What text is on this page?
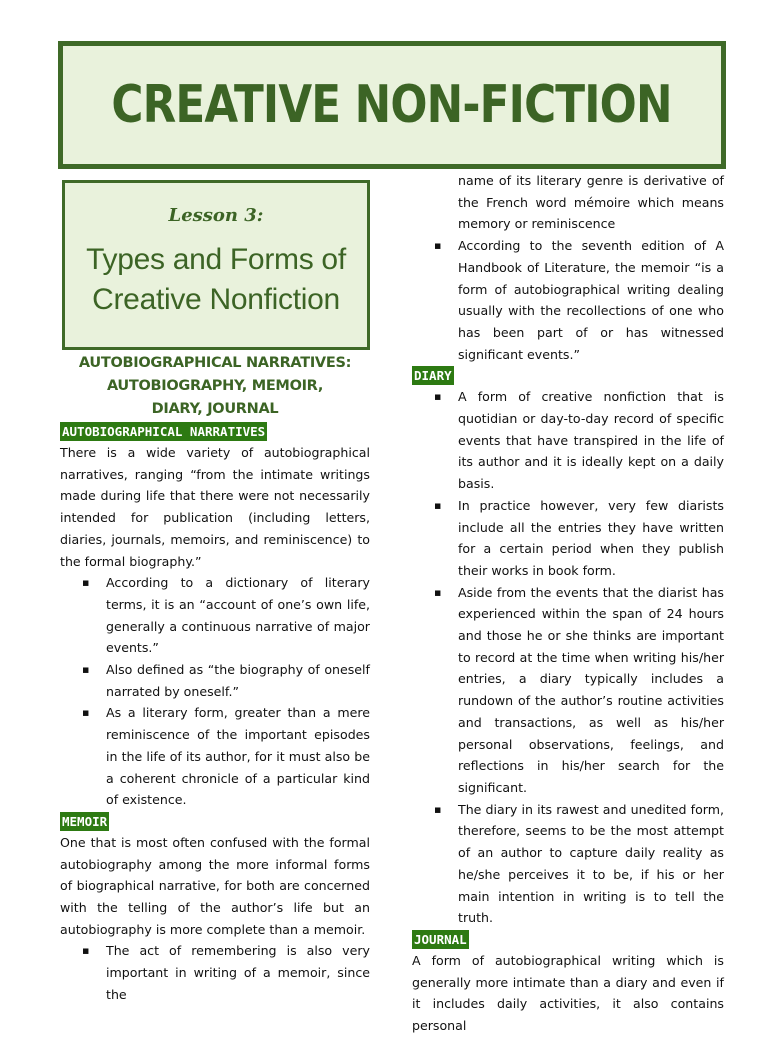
CREATIVE NON-FICTION
Lesson 3:
Types and Forms of
Creative Nonfiction
AUTOBIOGRAPHICAL NARRATIVES:
AUTOBIOGRAPHY, MEMOIR,
DIARY, JOURNAL
AUTOBIOGRAPHICAL NARRATIVES

There is a wide variety of autobiographical narratives, ranging “from the intimate writings made during life that there were not necessarily intended for publication (including letters, diaries, journals, memoirs, and reminiscence) to the formal biography.”

▪ According to a dictionary of literary terms, it is an “account of one’s own life, generally a continuous narrative of major events.”
▪ Also defined as “the biography of oneself narrated by oneself.”
▪ As a literary form, greater than a mere reminiscence of the important episodes in the life of its author, for it must also be a coherent chronicle of a particular kind of existence.
MEMOIR

One that is most often confused with the formal autobiography among the more informal forms of biographical narrative, for both are concerned with the telling of the author’s life but an autobiography is more complete than a memoir.

▪ The act of remembering is also very important in writing of a memoir, since the
name of its literary genre is derivative of the French word mémoire which means memory or reminiscence
▪ According to the seventh edition of A Handbook of Literature, the memoir “is a form of autobiographical writing dealing usually with the recollections of one who has been part of or has witnessed significant events.”
DIARY
▪ A form of creative nonfiction that is quotidian or day-to-day record of specific events that have transpired in the life of its author and it is ideally kept on a daily basis.
▪ In practice however, very few diarists include all the entries they have written for a certain period when they publish their works in book form.
▪ Aside from the events that the diarist has experienced within the span of 24 hours and those he or she thinks are important to record at the time when writing his/her entries, a diary typically includes a rundown of the author’s routine activities and transactions, as well as his/her personal observations, feelings, and reflections in his/her search for the significant.
▪ The diary in its rawest and unedited form, therefore, seems to be the most attempt of an author to capture daily reality as he/she perceives it to be, if his or her main intention in writing is to tell the truth.
JOURNAL

A form of autobiographical writing which is generally more intimate than a diary and even if it includes daily activities, it also contains personal
